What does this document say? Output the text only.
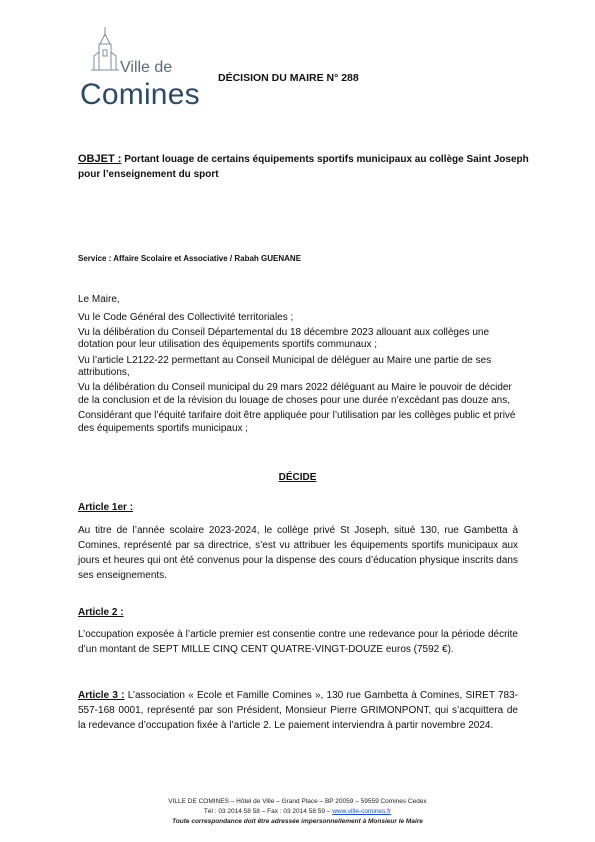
Ville de
Comines DÉCISION DU MAIRE N° 288
OBJET : Portant louage de certains équipements sportifs municipaux au collège Saint Joseph pour l’enseignement du sport
Service : Affaire Scolaire et Associative / Rabah GUENANE

Le Maire,

Vu le Code Général des Collectivité territoriales ;

Vu la délibération du Conseil Départemental du 18 décembre 2023 allouant aux collèges une dotation pour leur utilisation des équipements sportifs communaux ;

Vu l’article L2122-22 permettant au Conseil Municipal de déléguer au Maire une partie de ses attributions,

Vu la délibération du Conseil municipal du 29 mars 2022 déléguant au Maire le pouvoir de décider de la conclusion et de la révision du louage de choses pour une durée n’excédant pas douze ans,

Considérant que l’équité tarifaire doit être appliquée pour l’utilisation par les collèges public et privé des équipements sportifs municipaux ;

DÉCIDE
Article 1er :
Au titre de l’année scolaire 2023-2024, le collège privé St Joseph, situé 130, rue Gambetta à Comines, représenté par sa directrice, s’est vu attribuer les équipements sportifs municipaux aux jours et heures qui ont été convenus pour la dispense des cours d’éducation physique inscrits dans ses enseignements.
Article 2 :
L’occupation exposée à l’article premier est consentie contre une redevance pour la période décrite d’un montant de SEPT MILLE CINQ CENT QUATRE-VINGT-DOUZE euros (7592 €).
Article 3 : L’association « Ecole et Famille Comines », 130 rue Gambetta à Comines, SIRET 783-557-168 0001, représenté par son Président, Monsieur Pierre GRIMONPONT, qui s’acquittera de la redevance d’occupation fixée à l’article 2. Le paiement interviendra à partir novembre 2024.
VILLE DE COMINES – Hôtel de Ville – Grand Place – BP 20059 – 59559 Comines Cedex
Tél : 03 2014 58 58 – Fax : 03 2014 58 59 – www.ville-comines.fr
Toute correspondance doit être adressée impersonnellement à Monsieur le Maire
